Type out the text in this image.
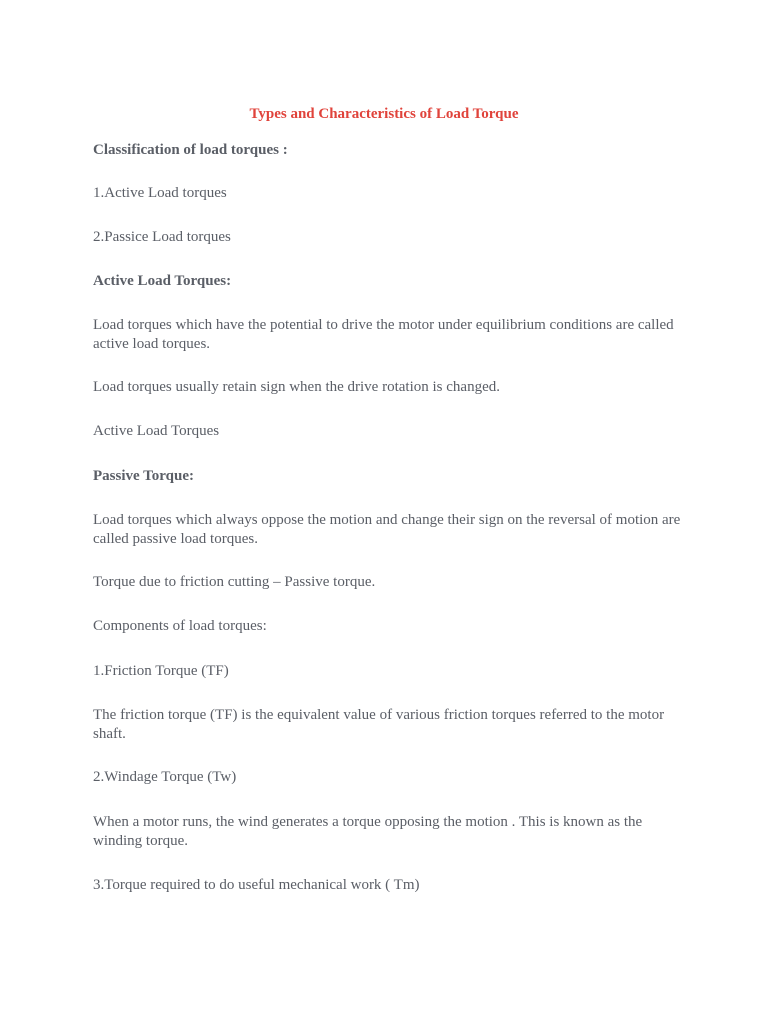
Types and Characteristics of Load Torque
Classification of load torques :
1.Active Load torques
2.Passice Load torques
Active Load Torques:
Load torques which have the potential to drive the motor under equilibrium conditions are called active load torques.
Load torques usually retain sign when the drive rotation is changed.
Active Load Torques
Passive Torque:
Load torques which always oppose the motion and change their sign on the reversal of motion are called passive load torques.
Torque due to friction cutting – Passive torque.
Components of load torques:
1.Friction Torque (TF)
The friction torque (TF) is the equivalent value of various friction torques referred to the motor shaft.
2.Windage Torque (Tw)
When a motor runs, the wind generates a torque opposing the motion . This is known as the winding torque.
3.Torque required to do useful mechanical work ( Tm)
